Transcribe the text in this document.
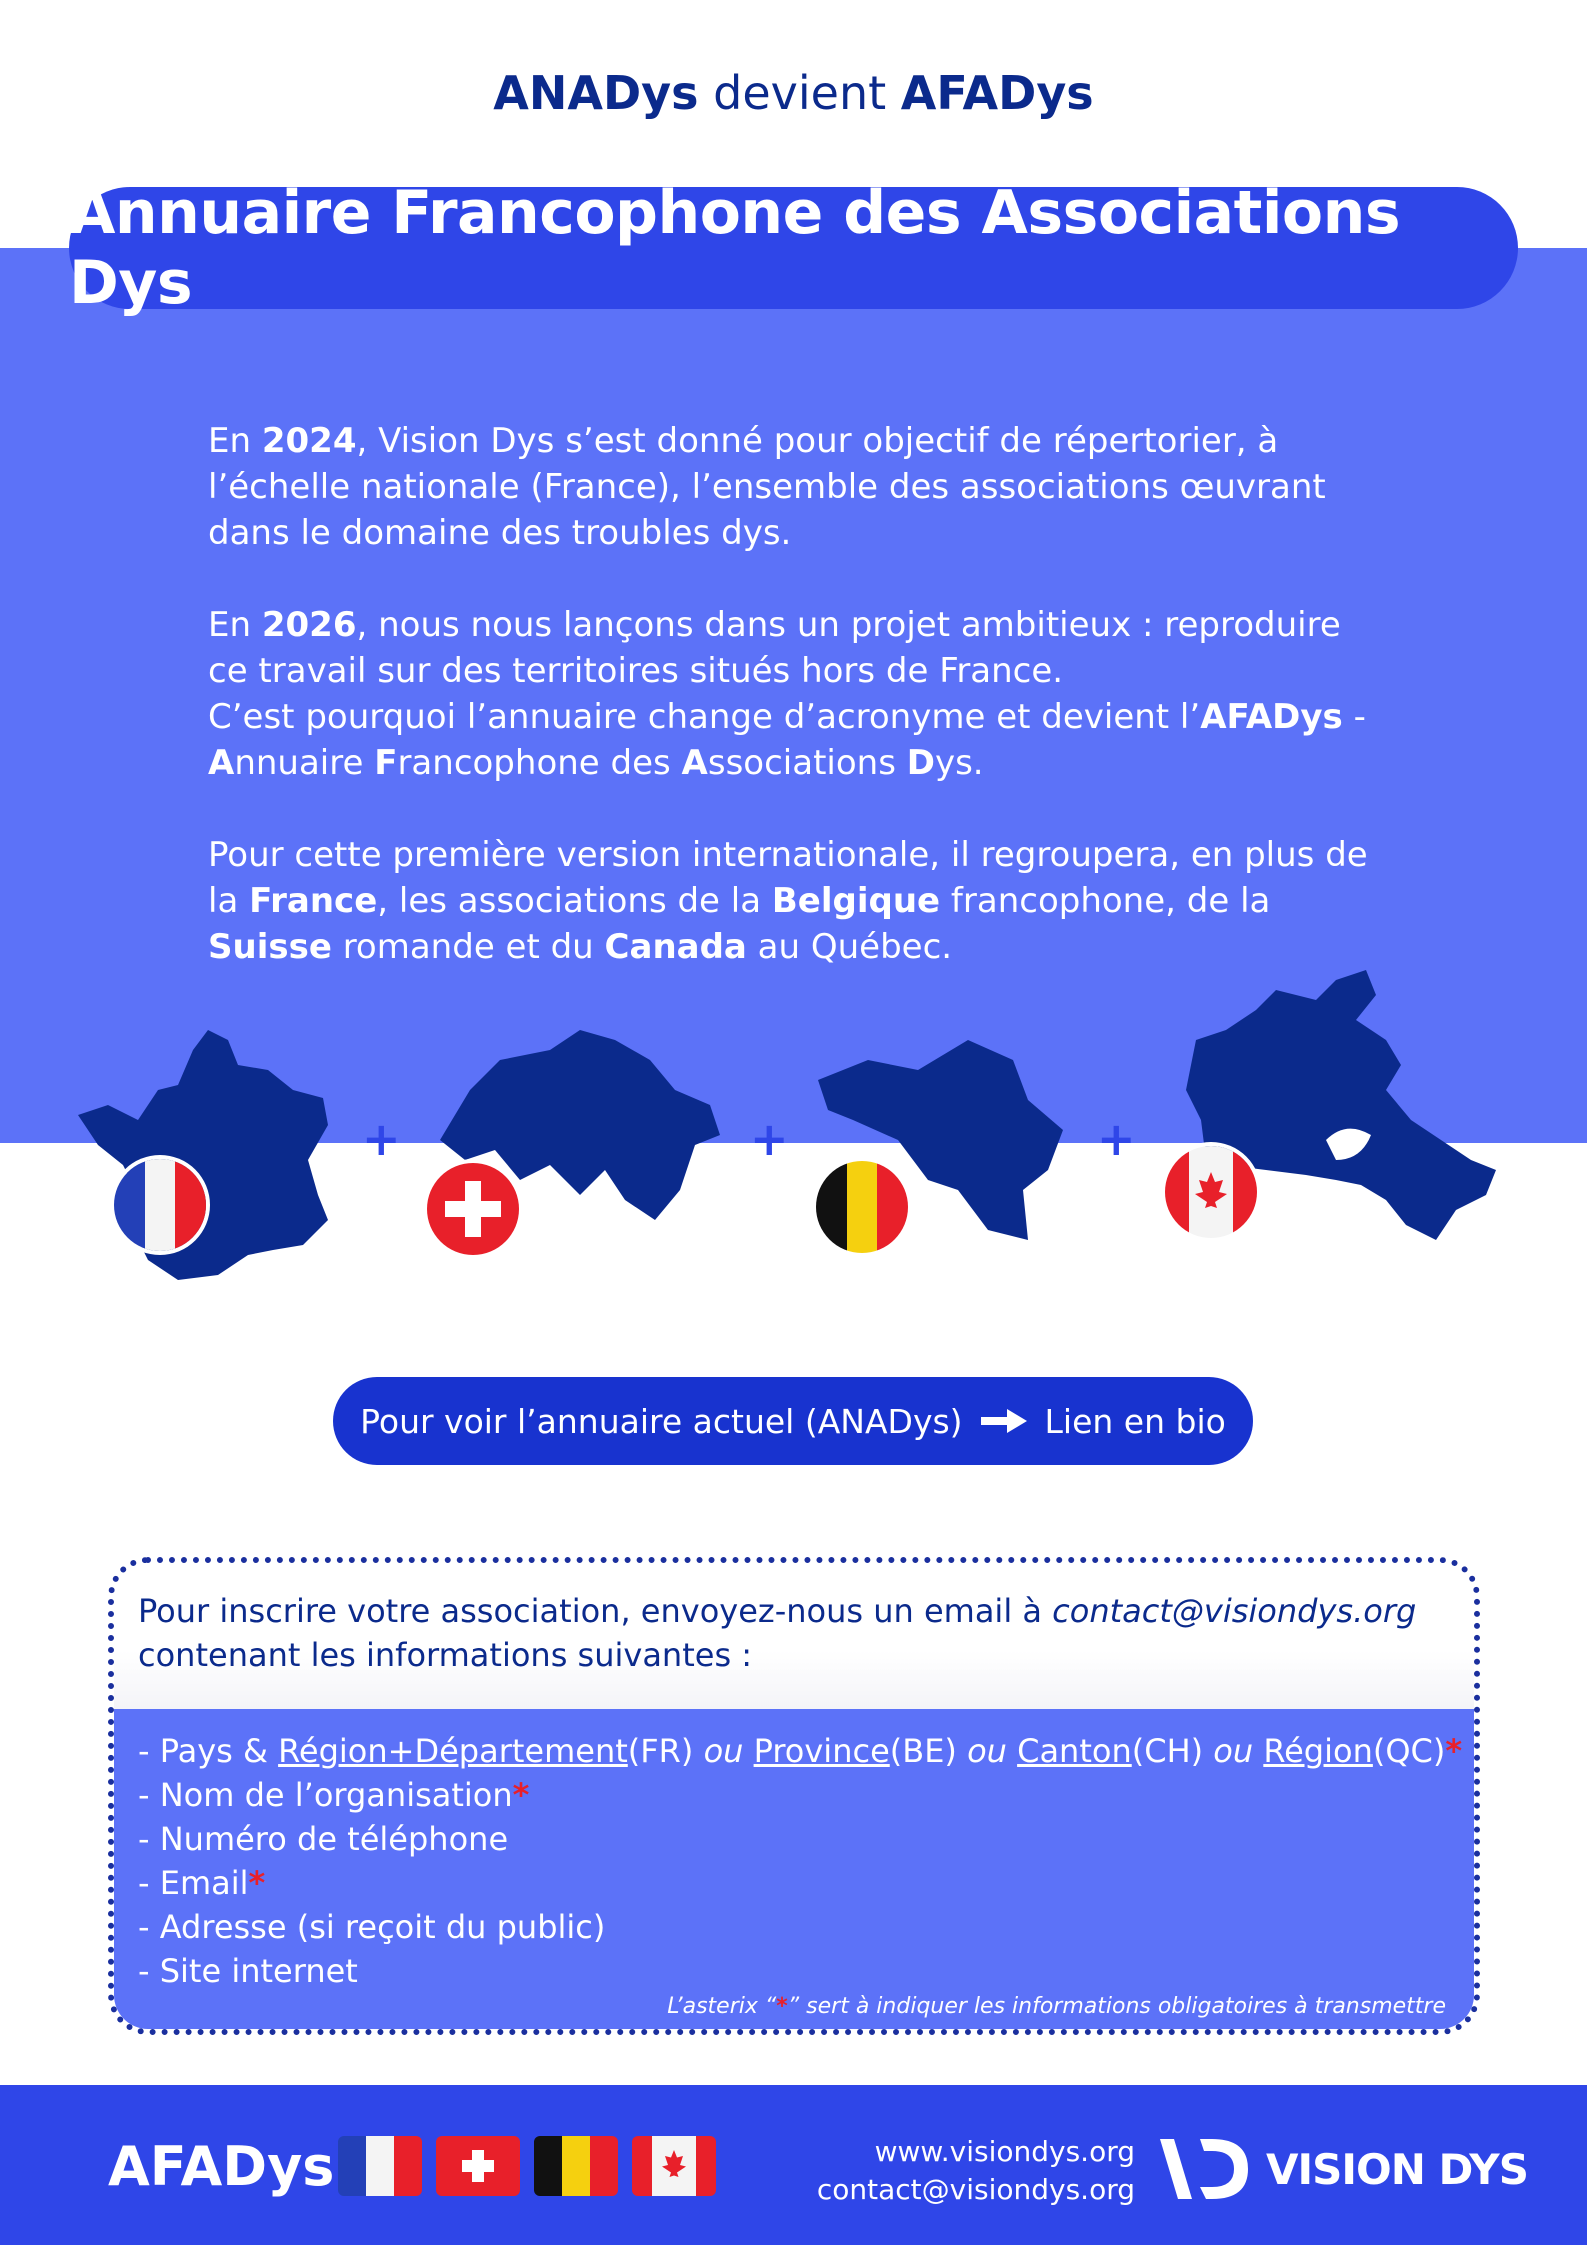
ANADys devient AFADys
Annuaire Francophone des Associations Dys

En 2024, Vision Dys s’est donné pour objectif de répertorier, à l’échelle nationale (France), l’ensemble des associations œuvrant dans le domaine des troubles dys.

En 2026, nous nous lançons dans un projet ambitieux : reproduire ce travail sur des territoires situés hors de France.
C’est pourquoi l’annuaire change d’acronyme et devient l’AFADys -
Annuaire Francophone des Associations Dys.

Pour cette première version internationale, il regroupera, en plus de la France, les associations de la Belgique francophone, de la Suisse romande et du Canada au Québec.

+	+	+
Pour voir l’annuaire actuel (ANADys) Lien en bio
Pour inscrire votre association, envoyez-nous un email à contact@visiondys.org
contenant les informations suivantes :
- Pays & Région+Département(FR) ou Province(BE) ou Canton(CH) ou Région(QC)*
- Nom de l’organisation*
- Numéro de téléphone
- Email*
- Adresse (si reçoit du public)
- Site internet
L’asterix “*” sert à indiquer les informations obligatoires à transmettre
AFADys	www.visiondys.org
contact@visiondys.org	VISION DYS
